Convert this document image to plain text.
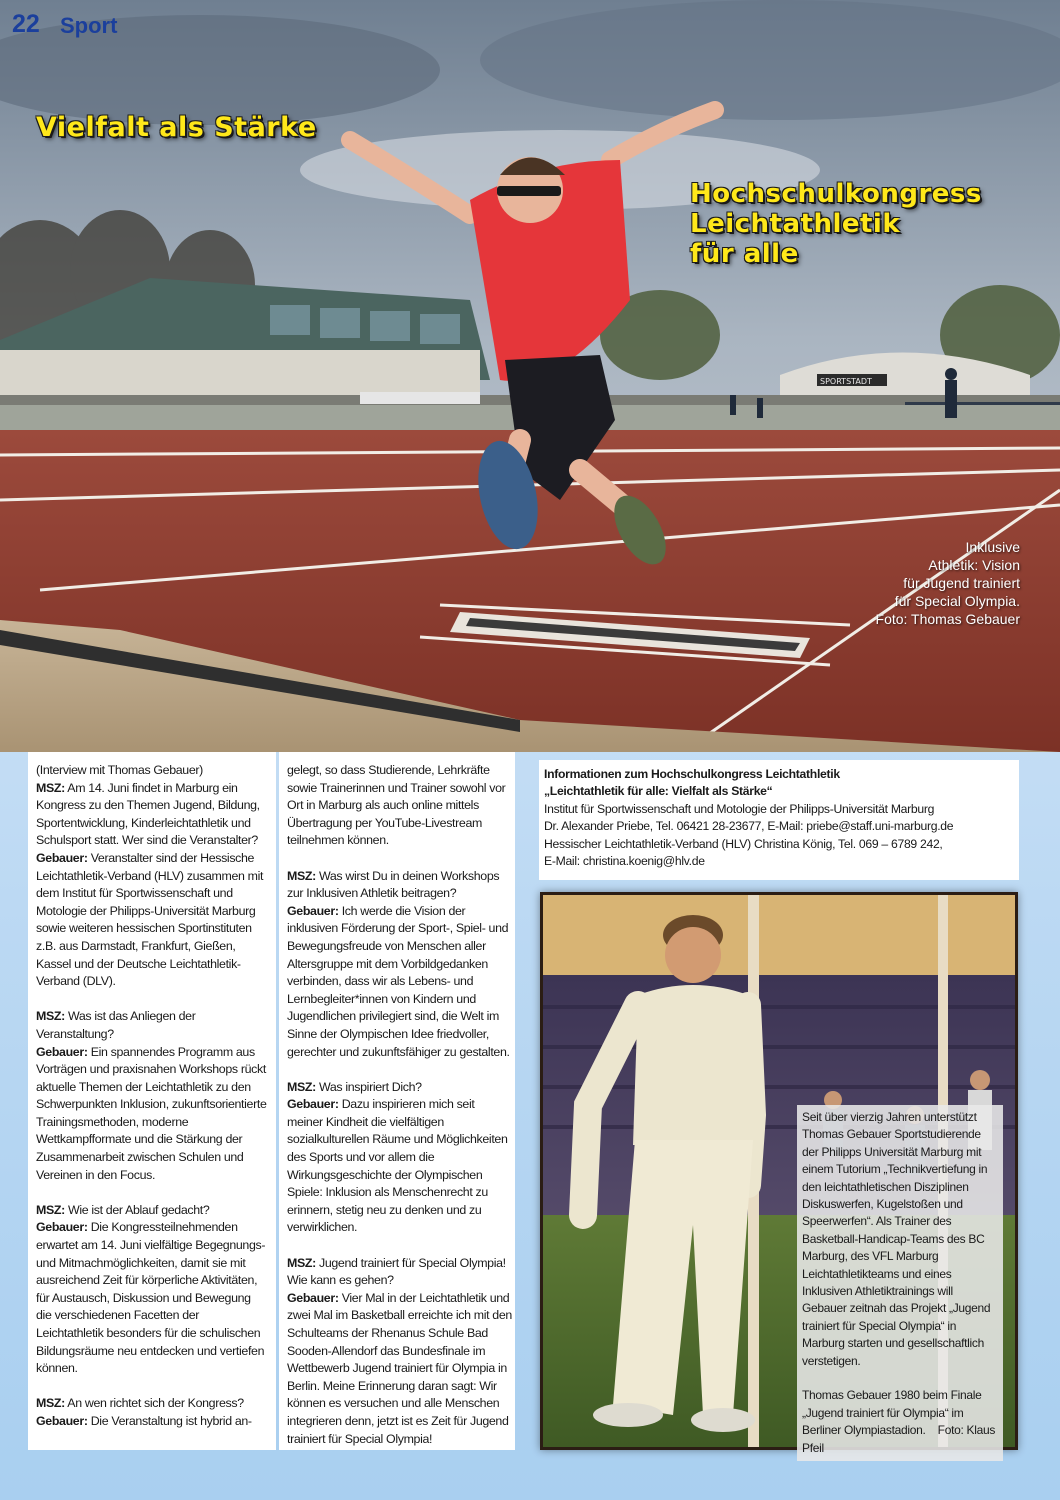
SPORTSTADT
Vielfalt als Stärke
Hochschulkongress
Leichtathletik
für alle
Inklusive
Athletik: Vision
für Jugend trainiert
für Special Olympia.
Foto: Thomas Gebauer
22 Sport

(Interview mit Thomas Gebauer)

MSZ: Am 14. Juni findet in Marburg ein Kongress zu den Themen Jugend, Bildung, Sportentwicklung, Kinderleichtathletik und Schulsport statt. Wer sind die Veranstalter?

Gebauer: Veranstalter sind der Hessische Leichtathletik-Verband (HLV) zusammen mit dem Institut für Sportwissenschaft und Motologie der Philipps-Universität Marburg sowie weiteren hessischen Sportinstituten z.B. aus Darmstadt, Frankfurt, Gießen, Kassel und der Deutsche Leichtathletik-Verband (DLV).

MSZ: Was ist das Anliegen der Veranstaltung?

Gebauer: Ein spannendes Programm aus Vorträgen und praxisnahen Workshops rückt aktuelle Themen der Leichtathletik zu den Schwerpunkten Inklusion, zukunftsorientierte Trainingsmethoden, moderne Wettkampfformate und die Stärkung der Zusammenarbeit zwischen Schulen und Vereinen in den Focus.

MSZ: Wie ist der Ablauf gedacht?

Gebauer: Die Kongressteilnehmenden erwartet am 14. Juni vielfältige Begegnungs- und Mitmachmöglichkeiten, damit sie mit ausreichend Zeit für körperliche Aktivitäten, für Austausch, Diskussion und Bewegung die verschiedenen Facetten der Leichtathletik besonders für die schulischen Bildungsräume neu entdecken und vertiefen können.

MSZ: An wen richtet sich der Kongress?

Gebauer: Die Veranstaltung ist hybrid an-

gelegt, so dass Studierende, Lehrkräfte sowie Trainerinnen und Trainer sowohl vor Ort in Marburg als auch online mittels Übertragung per YouTube-Livestream teilnehmen können.

MSZ: Was wirst Du in deinen Workshops zur Inklusiven Athletik beitragen?

Gebauer: Ich werde die Vision der inklusiven Förderung der Sport-, Spiel- und Bewegungsfreude von Menschen aller Altersgruppe mit dem Vorbildgedanken verbinden, dass wir als Lebens- und Lernbegleiter*innen von Kindern und Jugendlichen privilegiert sind, die Welt im Sinne der Olympischen Idee friedvoller, gerechter und zukunftsfähiger zu gestalten.

MSZ: Was inspiriert Dich?

Gebauer: Dazu inspirieren mich seit meiner Kindheit die vielfältigen sozialkulturellen Räume und Möglichkeiten des Sports und vor allem die Wirkungsgeschichte der Olympischen Spiele: Inklusion als Menschenrecht zu erinnern, stetig neu zu denken und zu verwirklichen.

MSZ: Jugend trainiert für Special Olympia! Wie kann es gehen?

Gebauer: Vier Mal in der Leichtathletik und zwei Mal im Basketball erreichte ich mit den Schulteams der Rhenanus Schule Bad Sooden-Allendorf das Bundesfinale im Wettbewerb Jugend trainiert für Olympia in Berlin. Meine Erinnerung daran sagt: Wir können es versuchen und alle Menschen integrieren denn, jetzt ist es Zeit für Jugend trainiert für Special Olympia!

Informationen zum Hochschulkongress Leichtathletik
„Leichtathletik für alle: Vielfalt als Stärke“
Institut für Sportwissenschaft und Motologie der Philipps-Universität Marburg
Dr. Alexander Priebe, Tel. 06421 28-23677, E-Mail: priebe@staff.uni-marburg.de
Hessischer Leichtathletik-Verband (HLV) Christina König, Tel. 069 – 6789 242,
E-Mail: christina.koenig@hlv.de

Seit über vierzig Jahren unterstützt Thomas Gebauer Sportstudierende der Philipps Universität Marburg mit einem Tutorium „Technikvertiefung in den leichtathletischen Disziplinen Diskuswerfen, Kugelstoßen und Speerwerfen“. Als Trainer des Basketball-Handicap-Teams des BC Marburg, des VFL Marburg Leichtathletikteams und eines Inklusiven Athletiktrainings will Gebauer zeitnah das Projekt „Jugend trainiert für Special Olympia“ in Marburg starten und gesellschaftlich verstetigen.

Thomas Gebauer 1980 beim Finale „Jugend trainiert für Olympia“ im Berliner Olympiastadion. Foto: Klaus Pfeil
